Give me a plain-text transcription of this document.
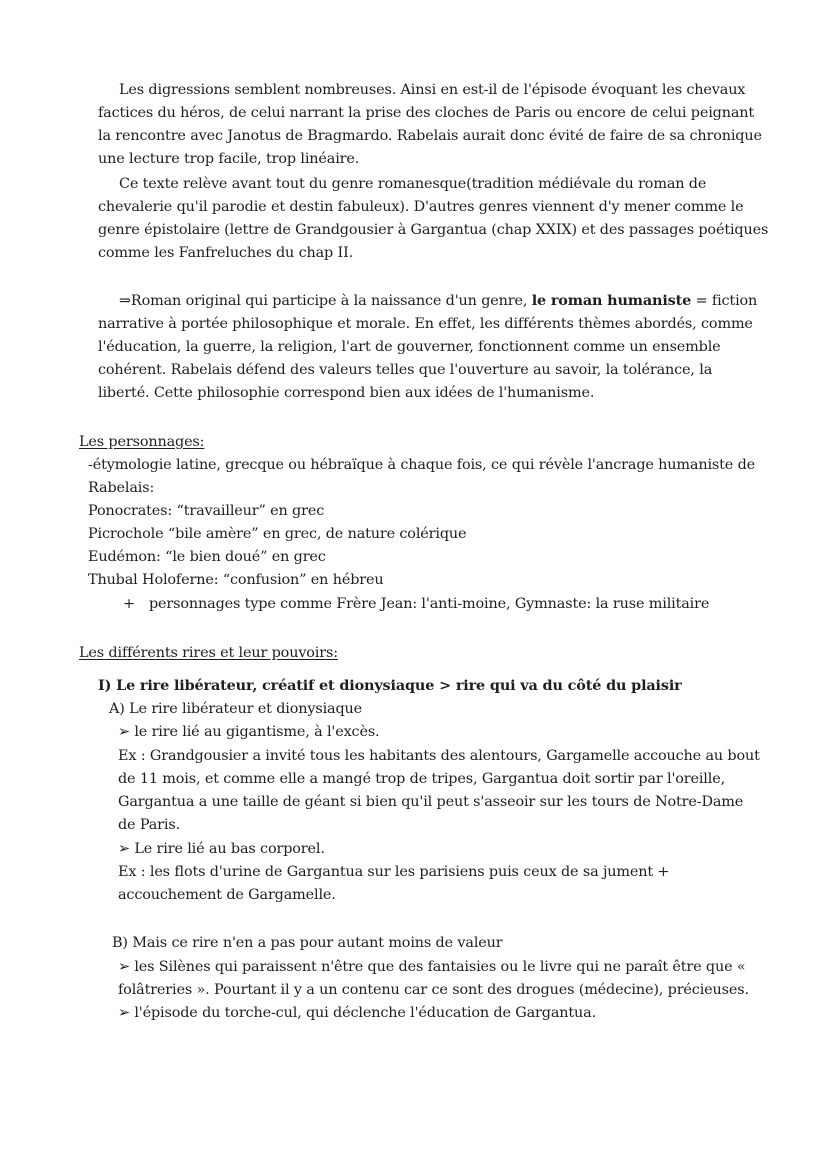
Les digressions semblent nombreuses. Ainsi en est-il de l'épisode évoquant les chevaux

factices du héros, de celui narrant la prise des cloches de Paris ou encore de celui peignant

la rencontre avec Janotus de Bragmardo. Rabelais aurait donc évité de faire de sa chronique

une lecture trop facile, trop linéaire.

Ce texte relève avant tout du genre romanesque(tradition médiévale du roman de

chevalerie qu'il parodie et destin fabuleux). D'autres genres viennent d'y mener comme le

genre épistolaire (lettre de Grandgousier à Gargantua (chap XXIX) et des passages poétiques

comme les Fanfreluches du chap II.

⇒Roman original qui participe à la naissance d'un genre, le roman humaniste = fiction

narrative à portée philosophique et morale. En effet, les différents thèmes abordés, comme

l'éducation, la guerre, la religion, l'art de gouverner, fonctionnent comme un ensemble

cohérent. Rabelais défend des valeurs telles que l'ouverture au savoir, la tolérance, la

liberté. Cette philosophie correspond bien aux idées de l'humanisme.

Les personnages:

-étymologie latine, grecque ou hébraïque à chaque fois, ce qui révèle l'ancrage humaniste de

Rabelais:

Ponocrates: “travailleur” en grec

Picrochole “bile amère” en grec, de nature colérique

Eudémon: “le bien doué” en grec

Thubal Holoferne: “confusion” en hébreu

+ personnages type comme Frère Jean: l'anti-moine, Gymnaste: la ruse militaire

Les différents rires et leur pouvoirs:

I) Le rire libérateur, créatif et dionysiaque > rire qui va du côté du plaisir

A) Le rire libérateur et dionysiaque

➢ le rire lié au gigantisme, à l'excès.

Ex : Grandgousier a invité tous les habitants des alentours, Gargamelle accouche au bout

de 11 mois, et comme elle a mangé trop de tripes, Gargantua doit sortir par l'oreille,

Gargantua a une taille de géant si bien qu'il peut s'asseoir sur les tours de Notre-Dame

de Paris.

➢ Le rire lié au bas corporel.

Ex : les flots d'urine de Gargantua sur les parisiens puis ceux de sa jument +

accouchement de Gargamelle.

B) Mais ce rire n'en a pas pour autant moins de valeur

➢ les Silènes qui paraissent n'être que des fantaisies ou le livre qui ne paraît être que «

folâtreries ». Pourtant il y a un contenu car ce sont des drogues (médecine), précieuses.

➢ l'épisode du torche-cul, qui déclenche l'éducation de Gargantua.
